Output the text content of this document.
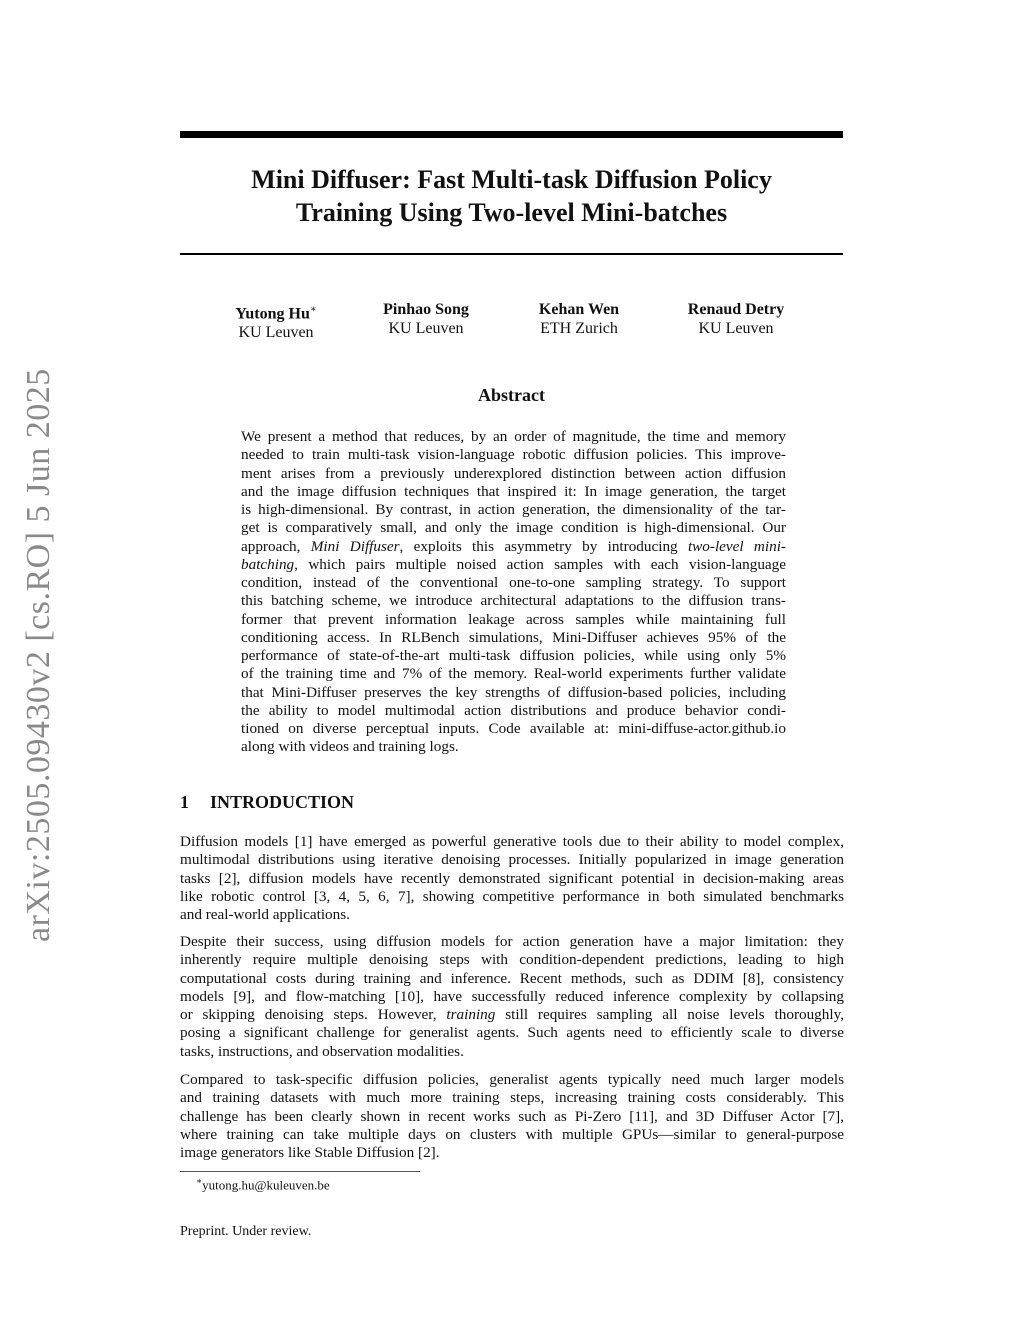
arXiv:2505.09430v2 [cs.RO] 5 Jun 2025
Mini Diffuser: Fast Multi-task Diffusion Policy
Training Using Two-level Mini-batches
Yutong Hu∗
KU Leuven
Pinhao Song
KU Leuven
Kehan Wen
ETH Zurich
Renaud Detry
KU Leuven
Abstract
We present a method that reduces, by an order of magnitude, the time and memory
needed to train multi-task vision-language robotic diffusion policies. This improve-
ment arises from a previously underexplored distinction between action diffusion
and the image diffusion techniques that inspired it: In image generation, the target
is high-dimensional. By contrast, in action generation, the dimensionality of the tar-
get is comparatively small, and only the image condition is high-dimensional. Our
approach, Mini Diffuser, exploits this asymmetry by introducing two-level mini-
batching, which pairs multiple noised action samples with each vision-language
condition, instead of the conventional one-to-one sampling strategy. To support
this batching scheme, we introduce architectural adaptations to the diffusion trans-
former that prevent information leakage across samples while maintaining full
conditioning access. In RLBench simulations, Mini-Diffuser achieves 95% of the
performance of state-of-the-art multi-task diffusion policies, while using only 5%
of the training time and 7% of the memory. Real-world experiments further validate
that Mini-Diffuser preserves the key strengths of diffusion-based policies, including
the ability to model multimodal action distributions and produce behavior condi-
tioned on diverse perceptual inputs. Code available at: mini-diffuse-actor.github.io
along with videos and training logs.
1 INTRODUCTION
Diffusion models [1] have emerged as powerful generative tools due to their ability to model complex,
multimodal distributions using iterative denoising processes. Initially popularized in image generation
tasks [2], diffusion models have recently demonstrated significant potential in decision-making areas
like robotic control [3, 4, 5, 6, 7], showing competitive performance in both simulated benchmarks
and real-world applications.
Despite their success, using diffusion models for action generation have a major limitation: they
inherently require multiple denoising steps with condition-dependent predictions, leading to high
computational costs during training and inference. Recent methods, such as DDIM [8], consistency
models [9], and flow-matching [10], have successfully reduced inference complexity by collapsing
or skipping denoising steps. However, training still requires sampling all noise levels thoroughly,
posing a significant challenge for generalist agents. Such agents need to efficiently scale to diverse
tasks, instructions, and observation modalities.
Compared to task-specific diffusion policies, generalist agents typically need much larger models
and training datasets with much more training steps, increasing training costs considerably. This
challenge has been clearly shown in recent works such as Pi-Zero [11], and 3D Diffuser Actor [7],
where training can take multiple days on clusters with multiple GPUs—similar to general-purpose
image generators like Stable Diffusion [2].
∗yutong.hu@kuleuven.be
Preprint. Under review.
